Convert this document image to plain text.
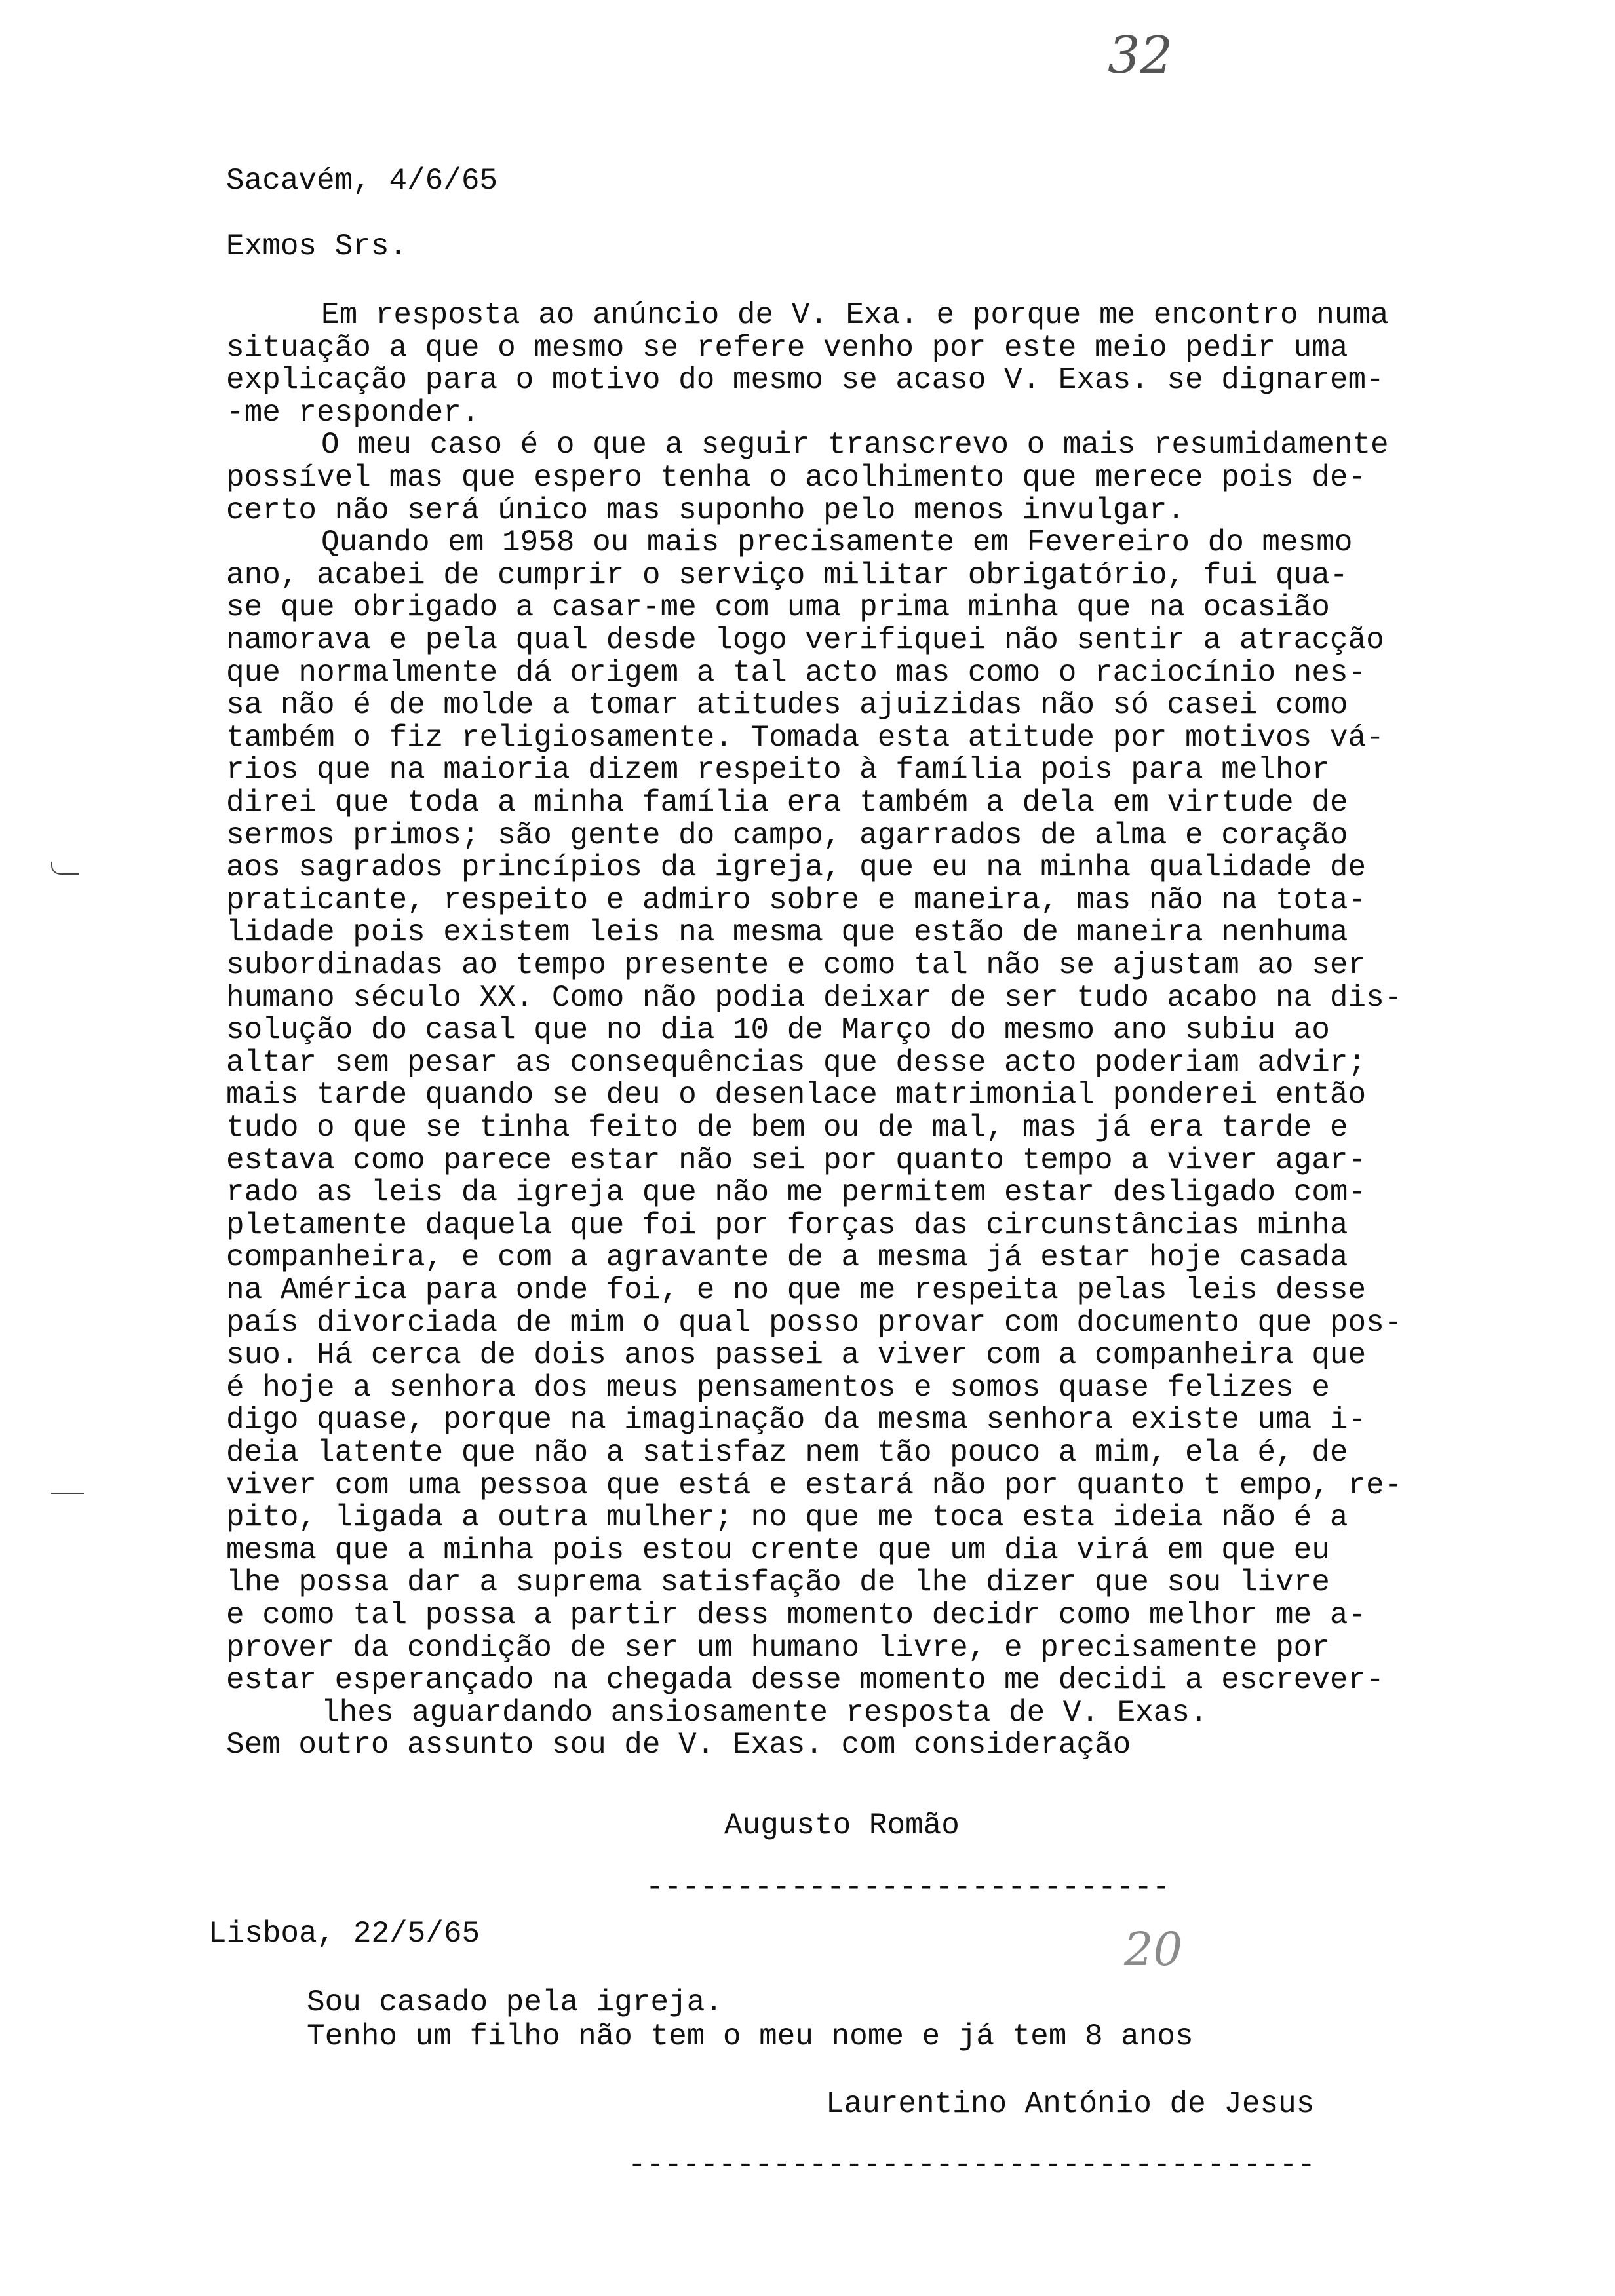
32
Sacavém, 4/6/65
Exmos Srs.
Em resposta ao anúncio de V. Exa. e porque me encontro numa
situação a que o mesmo se refere venho por este meio pedir uma
explicação para o motivo do mesmo se acaso V. Exas. se dignarem-
-me responder.
O meu caso é o que a seguir transcrevo o mais resumidamente
possível mas que espero tenha o acolhimento que merece pois de-
certo não será único mas suponho pelo menos invulgar.
Quando em 1958 ou mais precisamente em Fevereiro do mesmo
ano, acabei de cumprir o serviço militar obrigatório, fui qua-
se que obrigado a casar-me com uma prima minha que na ocasião
namorava e pela qual desde logo verifiquei não sentir a atracção
que normalmente dá origem a tal acto mas como o raciocínio nes-
sa não é de molde a tomar atitudes ajuizidas não só casei como
também o fiz religiosamente. Tomada esta atitude por motivos vá-
rios que na maioria dizem respeito à família pois para melhor
direi que toda a minha família era também a dela em virtude de
sermos primos; são gente do campo, agarrados de alma e coração
aos sagrados princípios da igreja, que eu na minha qualidade de
praticante, respeito e admiro sobre e maneira, mas não na tota-
lidade pois existem leis na mesma que estão de maneira nenhuma
subordinadas ao tempo presente e como tal não se ajustam ao ser
humano século XX. Como não podia deixar de ser tudo acabo na dis-
solução do casal que no dia 10 de Março do mesmo ano subiu ao
altar sem pesar as consequências que desse acto poderiam advir;
mais tarde quando se deu o desenlace matrimonial ponderei então
tudo o que se tinha feito de bem ou de mal, mas já era tarde e
estava como parece estar não sei por quanto tempo a viver agar-
rado as leis da igreja que não me permitem estar desligado com-
pletamente daquela que foi por forças das circunstâncias minha
companheira, e com a agravante de a mesma já estar hoje casada
na América para onde foi, e no que me respeita pelas leis desse
país divorciada de mim o qual posso provar com documento que pos-
suo. Há cerca de dois anos passei a viver com a companheira que
é hoje a senhora dos meus pensamentos e somos quase felizes e
digo quase, porque na imaginação da mesma senhora existe uma i-
deia latente que não a satisfaz nem tão pouco a mim, ela é, de
viver com uma pessoa que está e estará não por quanto t empo, re-
pito, ligada a outra mulher; no que me toca esta ideia não é a
mesma que a minha pois estou crente que um dia virá em que eu
lhe possa dar a suprema satisfação de lhe dizer que sou livre
e como tal possa a partir dess momento decidr como melhor me a-
prover da condição de ser um humano livre, e precisamente por
estar esperançado na chegada desse momento me decidi a escrever-
lhes aguardando ansiosamente resposta de V. Exas.
Sem outro assunto sou de V. Exas. com consideração
Augusto Romão
-----------------------------
Lisboa, 22/5/65	20
Sou casado pela igreja.
Tenho um filho não tem o meu nome e já tem 8 anos
Laurentino António de Jesus
--------------------------------------
